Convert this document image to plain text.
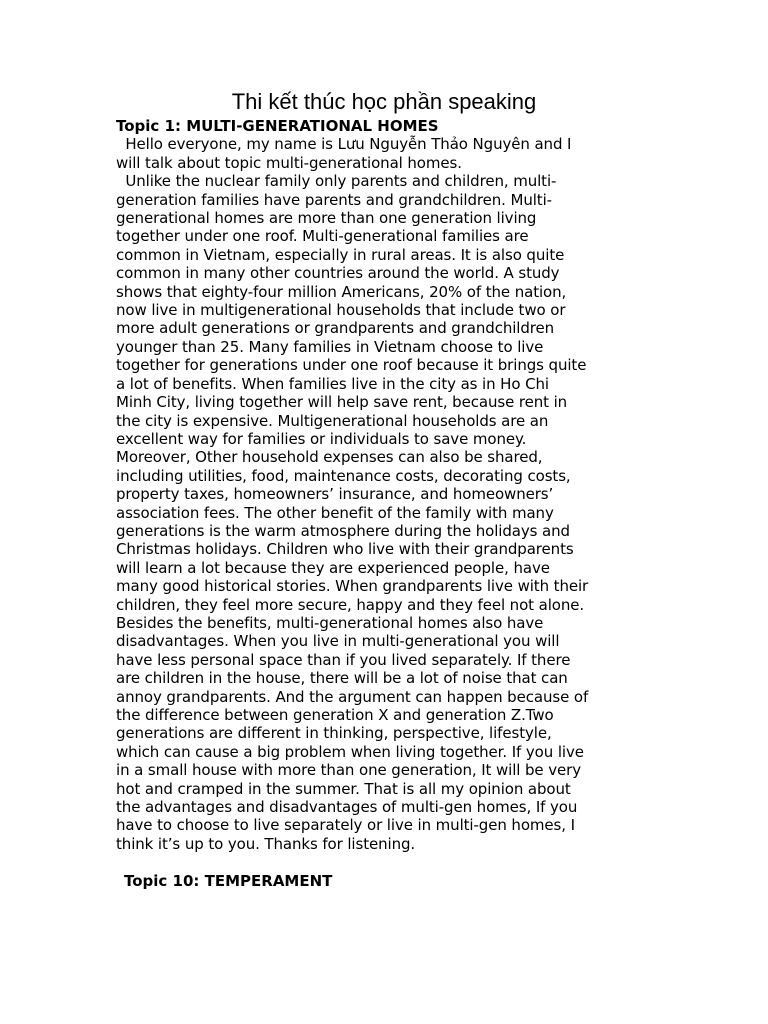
Thi kết thúc học phần speaking

Topic 1: MULTI-GENERATIONAL HOMES

Hello everyone, my name is Lưu Nguyễn Thảo Nguyên and I
will talk about topic multi-generational homes.
Unlike the nuclear family only parents and children, multi-
generation families have parents and grandchildren. Multi-
generational homes are more than one generation living
together under one roof. Multi-generational families are
common in Vietnam, especially in rural areas. It is also quite
common in many other countries around the world. A study
shows that eighty-four million Americans, 20% of the nation,
now live in multigenerational households that include two or
more adult generations or grandparents and grandchildren
younger than 25. Many families in Vietnam choose to live
together for generations under one roof because it brings quite
a lot of benefits. When families live in the city as in Ho Chi
Minh City, living together will help save rent, because rent in
the city is expensive. Multigenerational households are an
excellent way for families or individuals to save money.
Moreover, Other household expenses can also be shared,
including utilities, food, maintenance costs, decorating costs,
property taxes, homeowners’ insurance, and homeowners’
association fees. The other benefit of the family with many
generations is the warm atmosphere during the holidays and
Christmas holidays. Children who live with their grandparents
will learn a lot because they are experienced people, have
many good historical stories. When grandparents live with their
children, they feel more secure, happy and they feel not alone.
Besides the benefits, multi-generational homes also have
disadvantages. When you live in multi-generational you will
have less personal space than if you lived separately. If there
are children in the house, there will be a lot of noise that can
annoy grandparents. And the argument can happen because of
the difference between generation X and generation Z.Two
generations are different in thinking, perspective, lifestyle,
which can cause a big problem when living together. If you live
in a small house with more than one generation, It will be very
hot and cramped in the summer. That is all my opinion about
the advantages and disadvantages of multi-gen homes, If you
have to choose to live separately or live in multi-gen homes, I
think it’s up to you. Thanks for listening.

Topic 10: TEMPERAMENT
